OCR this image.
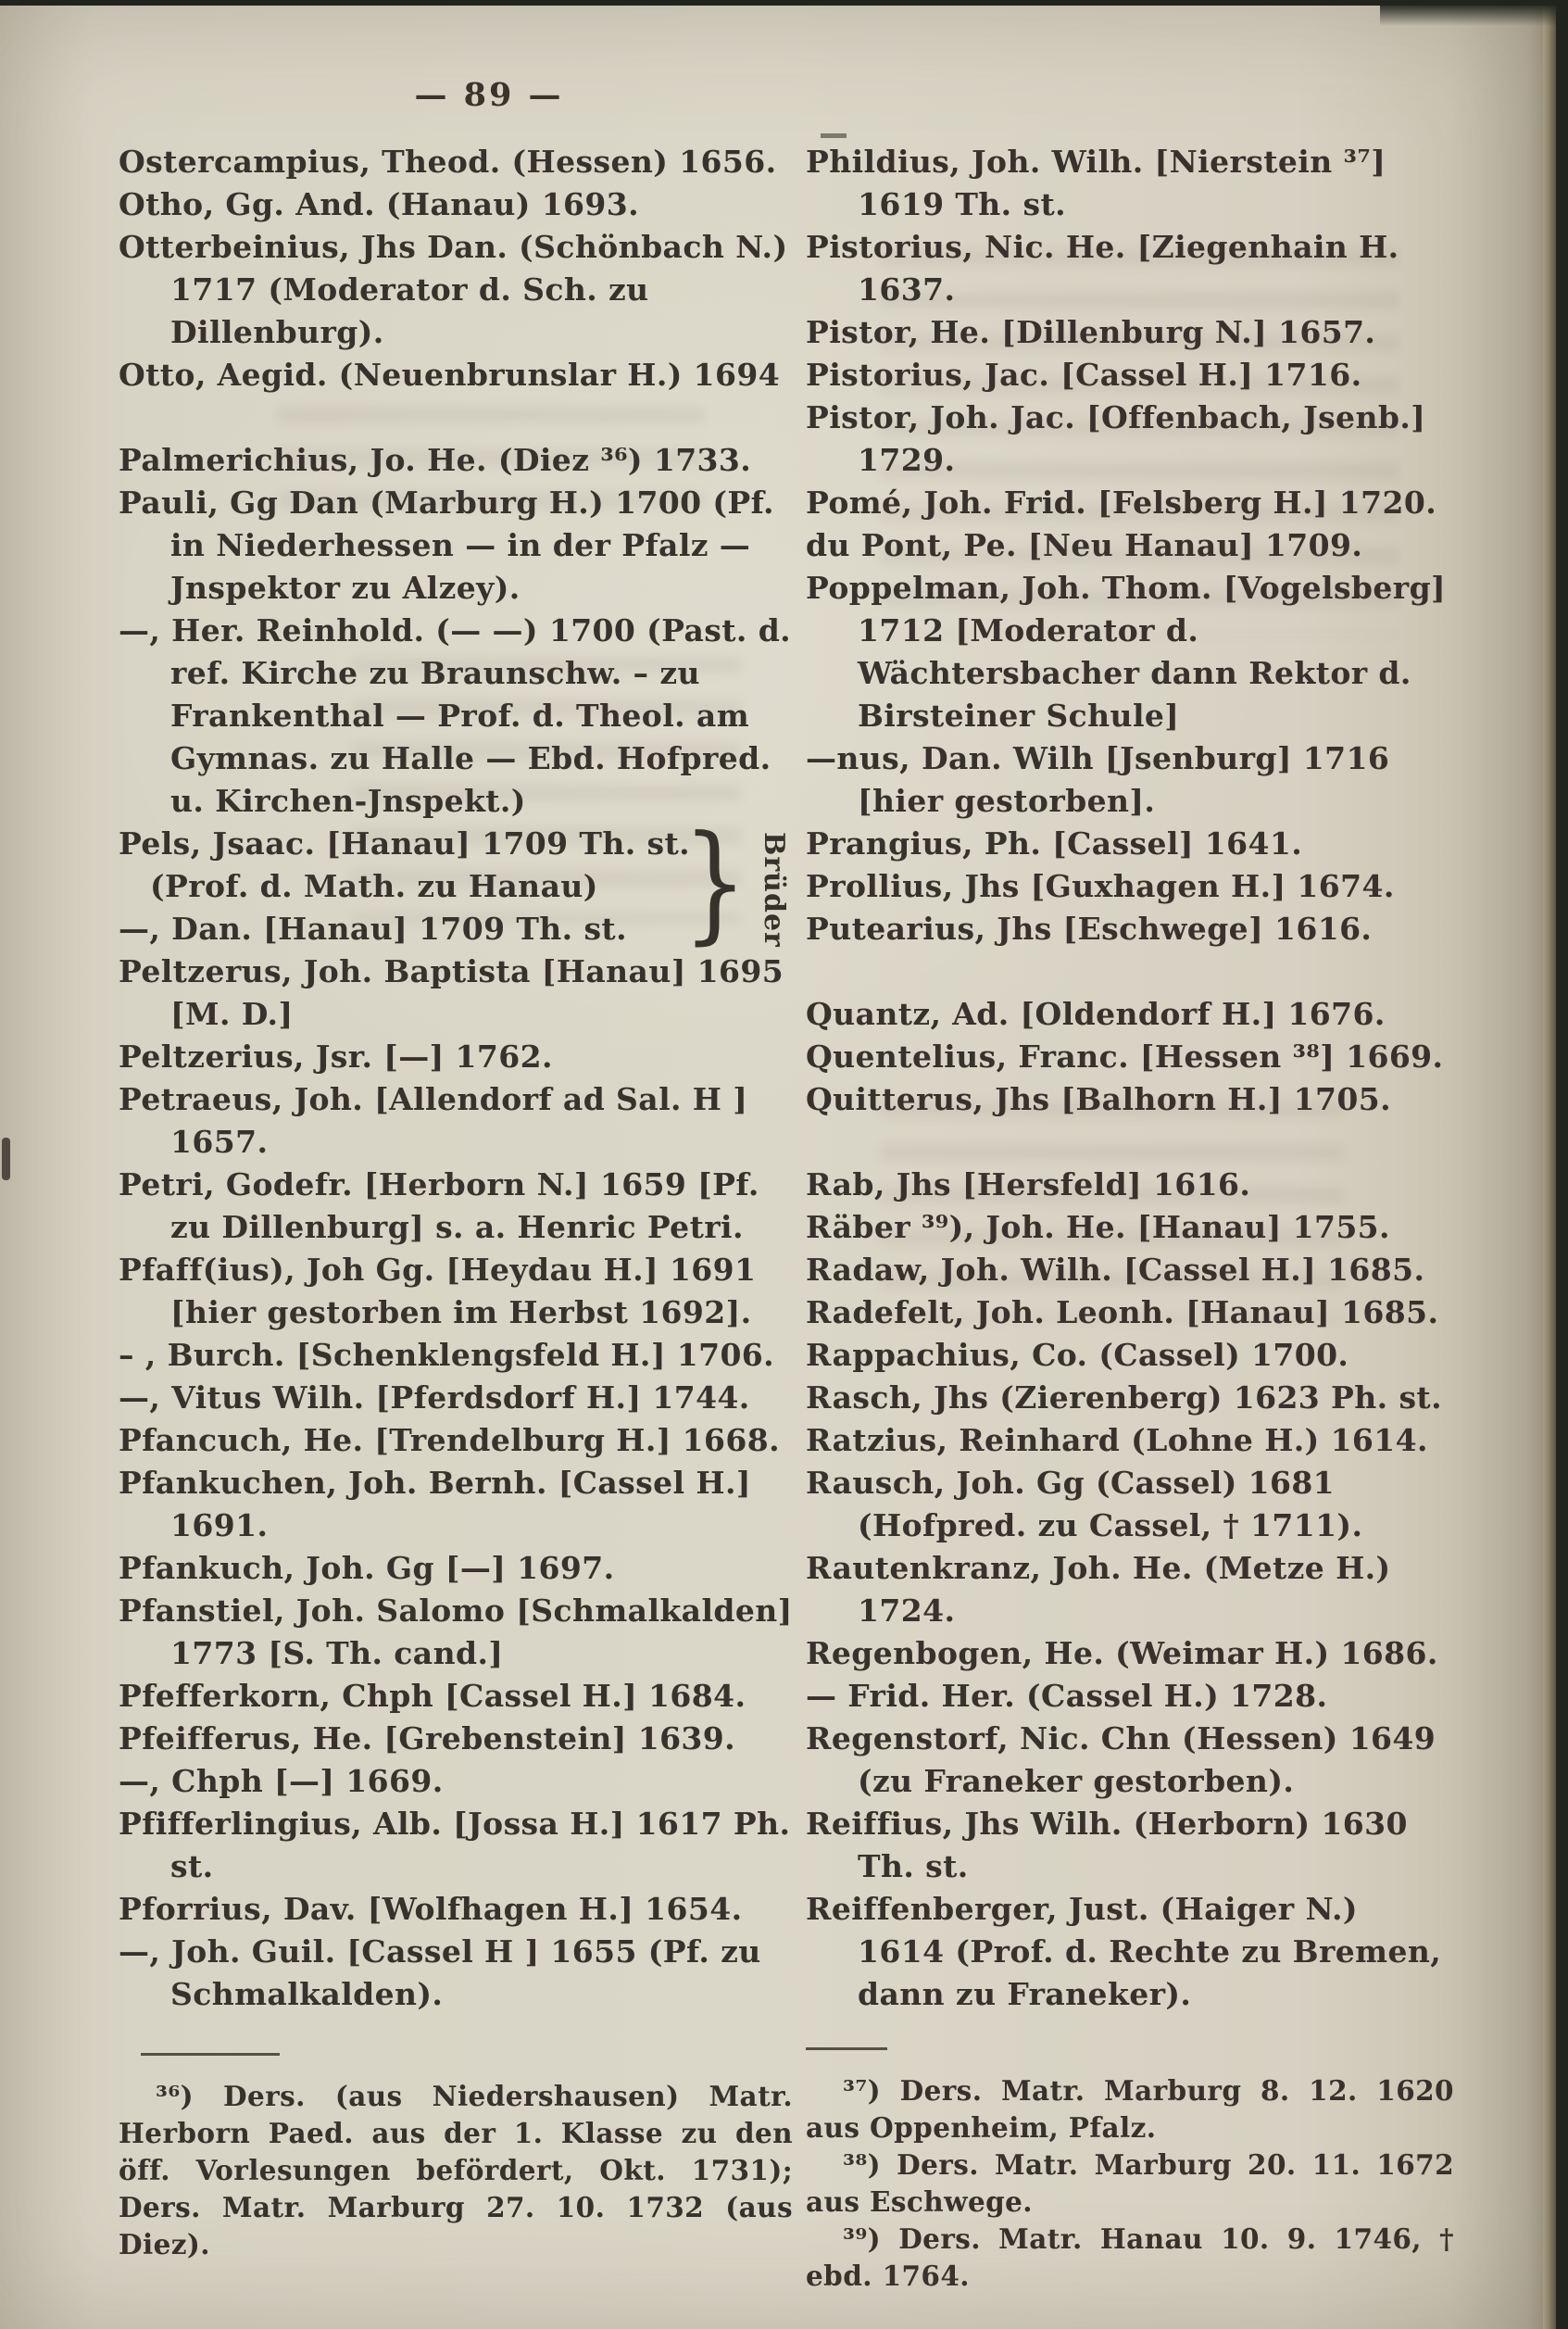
— 89 —

Ostercampius, Theod. (Hessen) 1656.

Otho, Gg. And. (Hanau) 1693.

Otterbeinius, Jhs Dan. (Schönbach N.) 1717 (Moderator d. Sch. zu Dillenburg).

Otto, Aegid. (Neuenbrunslar H.) 1694

Palmerichius, Jo. He. (Diez ³⁶) 1733.

Pauli, Gg Dan (Marburg H.) 1700 (Pf. in Niederhessen — in der Pfalz — Jnspektor zu Alzey).

—, Her. Reinhold. (— —) 1700 (Past. d. ref. Kirche zu Braunschw. – zu Frankenthal — Prof. d. Theol. am Gymnas. zu Halle — Ebd. Hofpred. u. Kirchen-Jnspekt.)

Pels, Jsaac. [Hanau] 1709 Th. st.
(Prof. d. Math. zu Hanau)
—, Dan. [Hanau] 1709 Th. st. } Brüder

Peltzerus, Joh. Baptista [Hanau] 1695 [M. D.]

Peltzerius, Jsr. [—] 1762.

Petraeus, Joh. [Allendorf ad Sal. H ] 1657.

Petri, Godefr. [Herborn N.] 1659 [Pf. zu Dillenburg] s. a. Henric Petri.

Pfaff(ius), Joh Gg. [Heydau H.] 1691 [hier gestorben im Herbst 1692].

– , Burch. [Schenklengsfeld H.] 1706.

—, Vitus Wilh. [Pferdsdorf H.] 1744.

Pfancuch, He. [Trendelburg H.] 1668.

Pfankuchen, Joh. Bernh. [Cassel H.] 1691.

Pfankuch, Joh. Gg [—] 1697.

Pfanstiel, Joh. Salomo [Schmalkalden] 1773 [S. Th. cand.]

Pfefferkorn, Chph [Cassel H.] 1684.

Pfeifferus, He. [Grebenstein] 1639.

—, Chph [—] 1669.

Pfifferlingius, Alb. [Jossa H.] 1617 Ph. st.

Pforrius, Dav. [Wolfhagen H.] 1654.

—, Joh. Guil. [Cassel H ] 1655 (Pf. zu Schmalkalden).

³⁶) Ders. (aus Niedershausen) Matr. Herborn Paed. aus der 1. Klasse zu den öff. Vorlesungen befördert, Okt. 1731); Ders. Matr. Marburg 27. 10. 1732 (aus Diez).

Phildius, Joh. Wilh. [Nierstein ³⁷] 1619 Th. st.

Pistorius, Nic. He. [Ziegenhain H. 1637.

Pistor, He. [Dillenburg N.] 1657.

Pistorius, Jac. [Cassel H.] 1716.

Pistor, Joh. Jac. [Offenbach, Jsenb.] 1729.

Pomé, Joh. Frid. [Felsberg H.] 1720.

du Pont, Pe. [Neu Hanau] 1709.

Poppelman, Joh. Thom. [Vogelsberg] 1712 [Moderator d. Wächtersbacher dann Rektor d. Birsteiner Schule]

—nus, Dan. Wilh [Jsenburg] 1716 [hier gestorben].

Prangius, Ph. [Cassel] 1641.

Prollius, Jhs [Guxhagen H.] 1674.

Putearius, Jhs [Eschwege] 1616.

Quantz, Ad. [Oldendorf H.] 1676.

Quentelius, Franc. [Hessen ³⁸] 1669.

Quitterus, Jhs [Balhorn H.] 1705.

Rab, Jhs [Hersfeld] 1616.

Räber ³⁹), Joh. He. [Hanau] 1755.

Radaw, Joh. Wilh. [Cassel H.] 1685.

Radefelt, Joh. Leonh. [Hanau] 1685.

Rappachius, Co. (Cassel) 1700.

Rasch, Jhs (Zierenberg) 1623 Ph. st.

Ratzius, Reinhard (Lohne H.) 1614.

Rausch, Joh. Gg (Cassel) 1681 (Hofpred. zu Cassel, † 1711).

Rautenkranz, Joh. He. (Metze H.) 1724.

Regenbogen, He. (Weimar H.) 1686.

— Frid. Her. (Cassel H.) 1728.

Regenstorf, Nic. Chn (Hessen) 1649 (zu Franeker gestorben).

Reiffius, Jhs Wilh. (Herborn) 1630 Th. st.

Reiffenberger, Just. (Haiger N.) 1614 (Prof. d. Rechte zu Bremen, dann zu Franeker).

³⁷) Ders. Matr. Marburg 8. 12. 1620 aus Oppenheim, Pfalz.

³⁸) Ders. Matr. Marburg 20. 11. 1672 aus Eschwege.

³⁹) Ders. Matr. Hanau 10. 9. 1746, † ebd. 1764.
